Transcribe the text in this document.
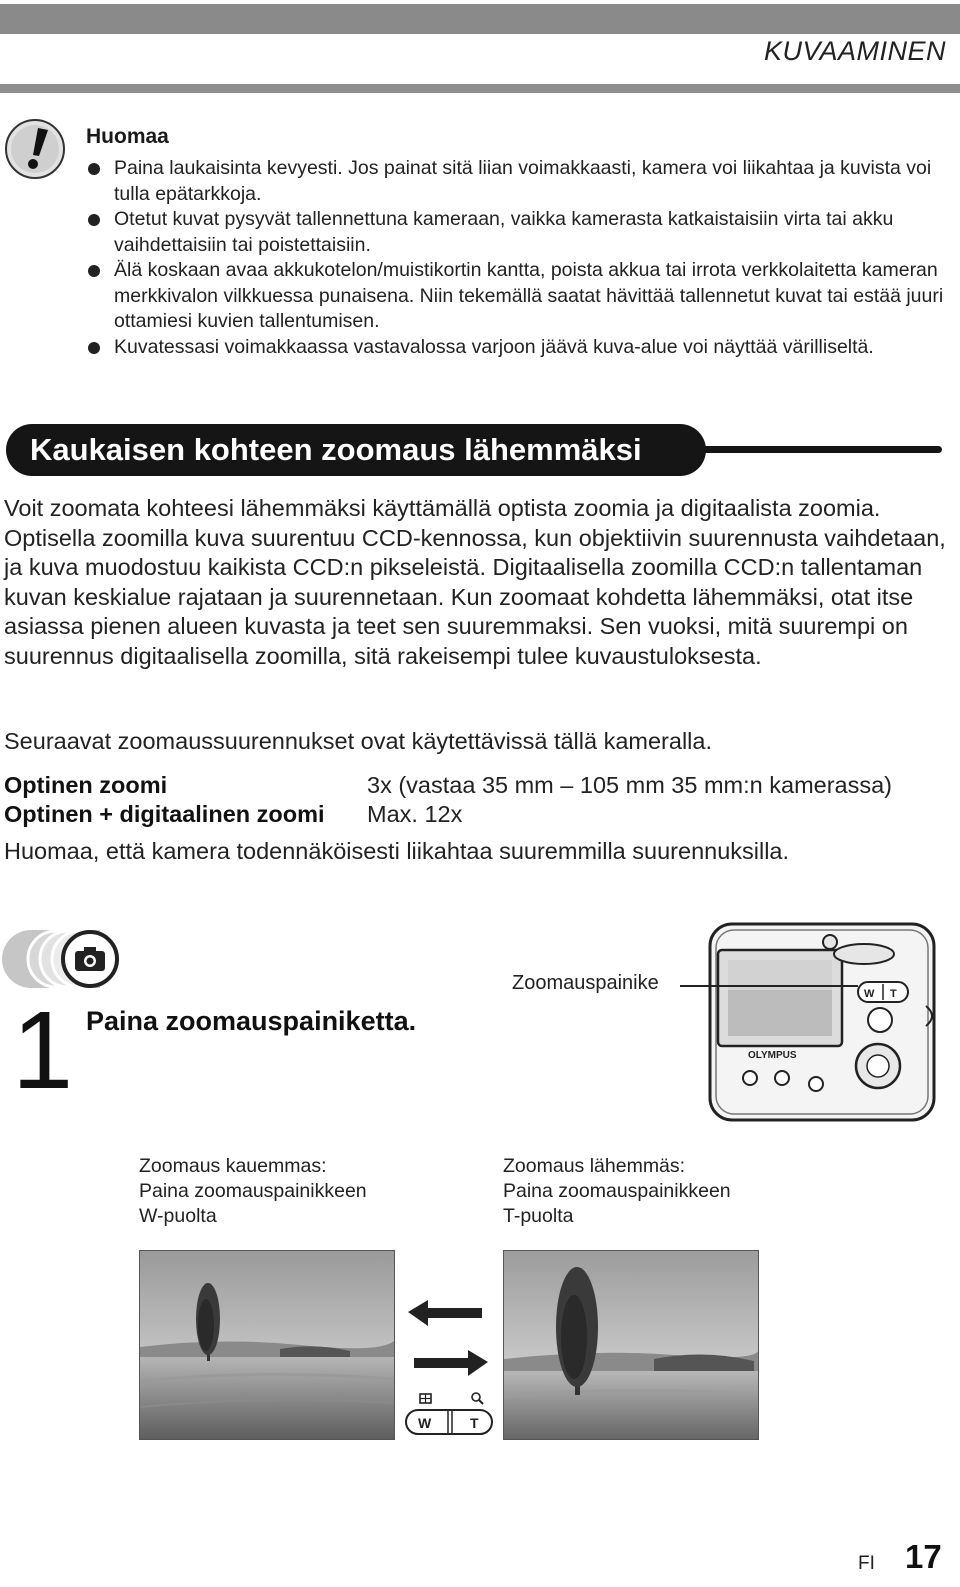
KUVAAMINEN
Huomaa
Paina laukaisinta kevyesti. Jos painat sitä liian voimakkaasti, kamera voi liikahtaa ja kuvista voi tulla epätarkkoja.
Otetut kuvat pysyvät tallennettuna kameraan, vaikka kamerasta katkaistaisiin virta tai akku vaihdettaisiin tai poistettaisiin.
Älä koskaan avaa akkukotelon/muistikortin kantta, poista akkua tai irrota verkkolaitetta kameran merkkivalon vilkkuessa punaisena. Niin tekemällä saatat hävittää tallennetut kuvat tai estää juuri ottamiesi kuvien tallentumisen.
Kuvatessasi voimakkaassa vastavalossa varjoon jäävä kuva-alue voi näyttää värilliseltä.
Kaukaisen kohteen zoomaus lähemmäksi

Voit zoomata kohteesi lähemmäksi käyttämällä optista zoomia ja digitaalista zoomia. Optisella zoomilla kuva suurentuu CCD-kennossa, kun objektiivin suurennusta vaihdetaan, ja kuva muodostuu kaikista CCD:n pikseleistä. Digitaalisella zoomilla CCD:n tallentaman kuvan keskialue rajataan ja suurennetaan. Kun zoomaat kohdetta lähemmäksi, otat itse asiassa pienen alueen kuvasta ja teet sen suuremmaksi. Sen vuoksi, mitä suurempi on suurennus digitaalisella zoomilla, sitä rakeisempi tulee kuvaustuloksesta.

Seuraavat zoomaussuurennukset ovat käytettävissä tällä kameralla.

Optinen zoomi	3x (vastaa 35 mm – 105 mm 35 mm:n kamerassa)
Optinen + digitaalinen zoomi Max. 12x

Huomaa, että kamera todennäköisesti liikahtaa suuremmilla suurennuksilla.

1 Paina zoomauspainiketta.
W T
OLYMPUS
Zoomauspainike
Zoomaus kauemmas:
Paina zoomauspainikkeen
W-puolta
Zoomaus lähemmäs:
Paina zoomauspainikkeen
T-puolta
W	T
FI 17
